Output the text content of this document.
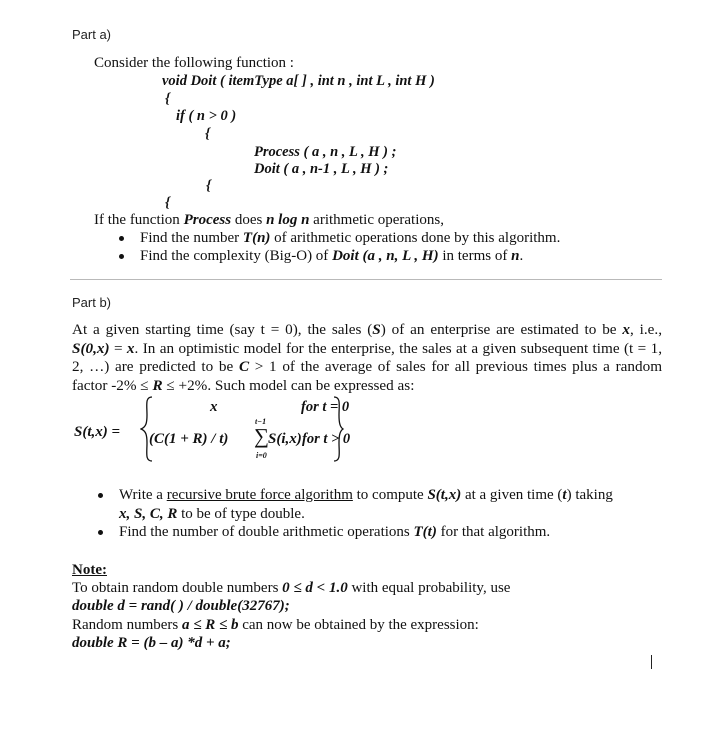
Part a)
Consider the following function :
void Doit ( itemType a[ ] , int n , int L , int H )
{
if ( n > 0 )
{
Process ( a , n , L , H ) ;
Doit ( a , n-1 , L , H ) ;
{
{
If the function Process does n log n arithmetic operations,
Find the number T(n) of arithmetic operations done by this algorithm.
Find the complexity (Big-O) of Doit (a , n, L , H) in terms of n.
Part b)
At a given starting time (say t = 0), the sales (S) of an enterprise are estimated to be x, i.e., S(0,x) = x. In an optimistic model for the enterprise, the sales at a given subsequent time (t = 1, 2, …) are predicted to be C > 1 of the average of sales for all previous times plus a random factor -2% ≤ R ≤ +2%. Such model can be expressed as:
S(t,x) =
x	for t = 0
(C(1 + R) / t)
t−1
∑
i=0
S(i,x) for t > 0
Write a recursive brute force algorithm to compute S(t,x) at a given time (t) taking
x, S, C, R to be of type double.
Find the number of double arithmetic operations T(t) for that algorithm.
Note:
To obtain random double numbers 0 ≤ d < 1.0 with equal probability, use
double d = rand( ) / double(32767);
Random numbers a ≤ R ≤ b can now be obtained by the expression:
double R = (b – a) *d + a;
